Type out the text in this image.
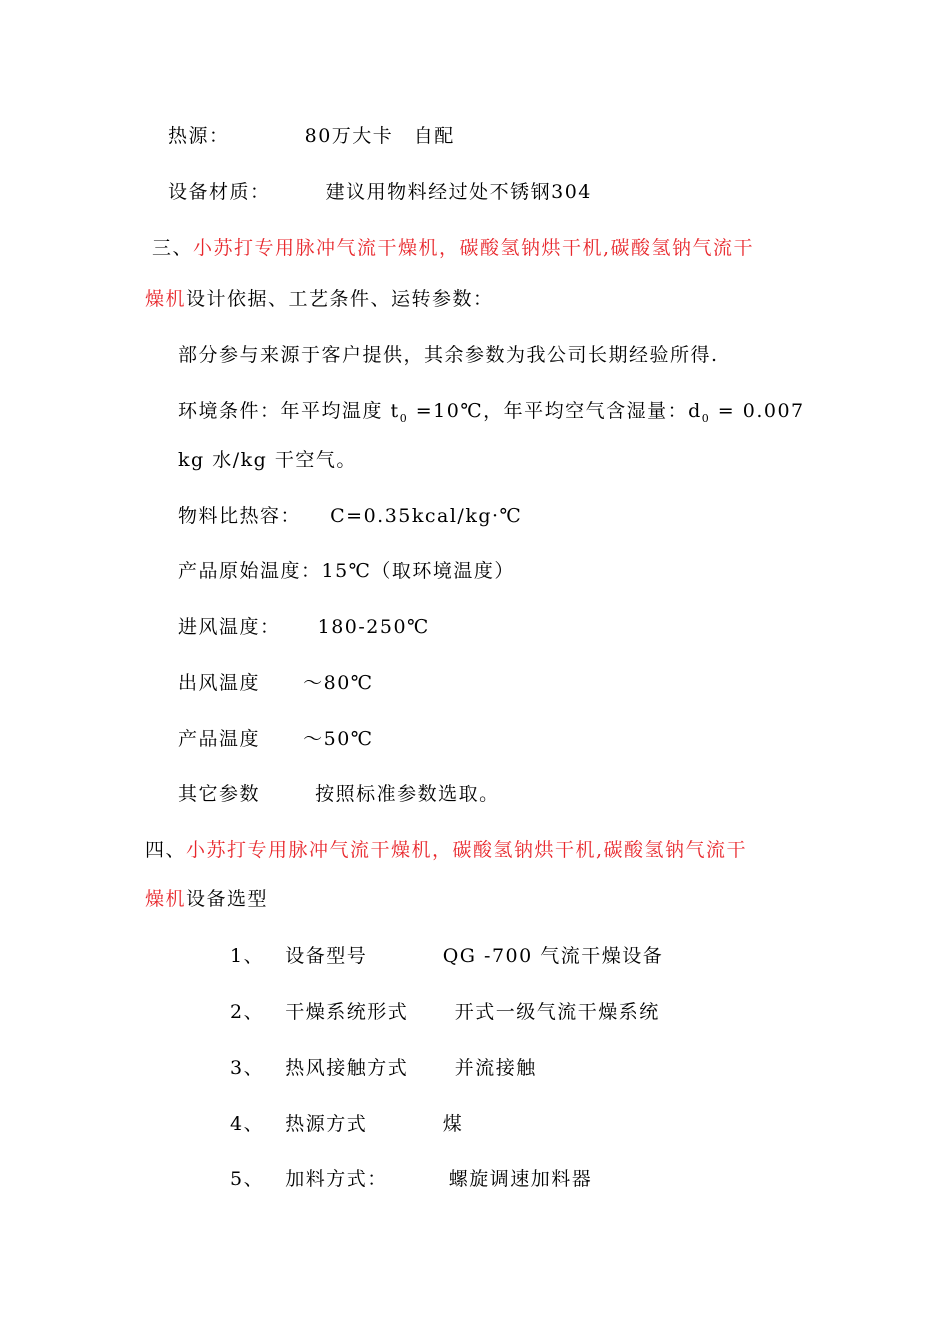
热源：	80万大卡　自配
设备材质：	建议用物料经过处不锈钢304
三、小苏打专用脉冲气流干燥机，碳酸氢钠烘干机,碳酸氢钠气流干
燥机设计依据、工艺条件、运转参数：
部分参与来源于客户提供，其余参数为我公司长期经验所得.
环境条件：年平均温度 $t_0$ =10℃，年平均空气含湿量：$d_0 = 0.007$
kg 水/kg 干空气。
物料比热容： C=0.35kcal/kg·℃
产品原始温度：15℃（取环境温度）
进风温度： 180-250℃
出风温度 ～80℃
产品温度 ～50℃
其它参数	按照标准参数选取。
四、小苏打专用脉冲气流干燥机，碳酸氢钠烘干机,碳酸氢钠气流干
燥机设备选型
1、 设备型号	QG -700 气流干燥设备
2、  干燥系统形式 开式一级气流干燥系统
3、 热风接触方式 并流接触
4、 热源方式	煤
5、 加料方式：	螺旋调速加料器
